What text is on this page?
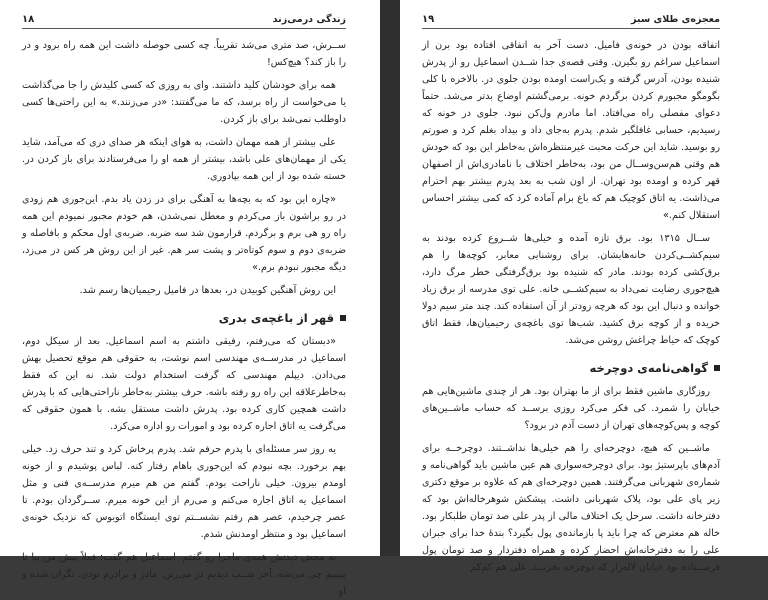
زندگی درمی‌زند
۱۸

ســرش، صد متری می‌شد تقریباً. چه کسی حوصله داشت این همه راه برود و در را باز کند؟ هیچ‌کس!

همه برای خودشان کلید داشتند. وای به روزی که کسی کلیدش را جا می‌گذاشت یا می‌خواست از راه برسد، که ما می‌گفتند: «در می‌زنند.» به این راحتی‌ها کسی داوطلب نمی‌شد برای باز کردن.

علی بیشتر از همه مهمان داشت، به هوای اینکه هر صدای دری که می‌آمد، شاید یکی از مهمان‌های علی باشد، بیشتر از همه او را می‌فرستادند برای باز کردن در. خسته شده بود از این همه بپادوری.

«چاره این بود که به بچه‌ها به آهنگی برای در زدن یاد بدم. این‌جوری هم زودی در رو براشون باز می‌کردم و معطل نمی‌شدن، هم خودم مجبور نمیودم این همه راه رو هی برم و برگردم. قرارمون شد سه ضربه. ضربه‌ی اول محکم و بافاصله و ضربه‌ی دوم و سوم کوتاه‌تر و پشت سر هم. غیر از این روش هر کس در می‌زد، دیگه مجبور نبودم برم.»

این روش آهنگین کوبیدن در، بعدها در فامیل رحیمیان‌ها رسم شد.

قهر از باغچه‌ی بدری

«دبستان که می‌رفتم، رفیقی داشتم به اسم اسماعیل. بعد از سیکل دوم، اسماعیل در مدرســه‌ی مهندسی اسم نوشت، به حقوقی هم موقع تحصیل بهش می‌دادن. دیپلم مهندسی که گرفت استخدام دولت شد. نه این که فقط به‌خاطرعلاقه این راه رو رفته باشه. حرف بیشتر به‌خاطر ناراحتی‌هایی که با پدرش داشت همچین کاری کرده بود. پدرش داشت مستقل بشه. با همون حقوقی که می‌گرفت یه اتاق اجاره کرده بود و امورات رو اداره می‌کرد.

یه روز سر مسئله‌ای با پدرم حرفم شد. پدرم پرخاش کرد و تند حرف زد. خیلی بهم برخورد. بچه نبودم که این‌جوری باهام رفتار کنه. لباس پوشیدم و از خونه اومدم بیرون. خیلی ناراحت بودم. گفتم من هم میرم مدرســه‌ی فنی و مثل اسماعیل یه اتاق اجاره می‌کنم و می‌رم از این خونه میرم. ســرگردان بودم. تا عصر چرخیدم، عصر هم رفتم نشســتم توی ایستگاه اتوبوس که نزدیک خونه‌ی اسماعیل بود و منتظر اومدنش شدم.

به محض دیدنش همه‌ی ماجرا رو گفتم. اسماعیل هم گفت: فعلاً پیش من بیا تا ببینیم چی می‌شه. آخر شــب دیدیم در می‌زنن. مادر و برادرم بودن. نگران شده و او

۱۹	معجزه‌ی طلای سبز

اتفاقه بودن در خونه‌ی فامیل. دست آخر به اتفاقی افتاده بود برن از اسماعیل سراغم رو بگیرن. وقتی قصه‌ی جدا شــدن اسماعیل رو از پدرش شنیده بودن، آدرس گرفته و یک‌راست اومده بودن جلوی در. بالاخره با کلی بگومگو مجبورم کردن برگردم خونه. برمی‌گشتم اوضاع بدتر می‌شد. حتماً دعوای مفصلی راه می‌افتاد. اما مادرم ول‌کن نبود. جلوی در خونه که رسیدیم، حسابی غافلگیر شدم. پدرم به‌جای داد و بیداد بغلم کرد و صورتم رو بوسید. شاید این حرکت محبت غیرمنتظره‌اش به‌خاطر این بود که خودش هم وقتی هم‌سن‌وســال من بود، به‌خاطر اختلاف با نامادری‌اش از اصفهان قهر کرده و اومده بود تهران. از اون شب به بعد پدرم بیشتر بهم احترام می‌ذاشت. یه اتاق کوچیک هم که باغ برام آماده کرد که کمی بیشتر احساس استقلال کنم.»

ســال ۱۳۱۵ بود. برق تازه آمده و خیلی‌ها شــروع کرده بودند به سیم‌کشــی‌کردن خانه‌هایشان. برای روشنایی معابر، کوچه‌ها را هم برق‌کشی کرده بودند. مادر که شنیده بود برق‌گرفتگی خطر مرگ دارد، هیچ‌جوری رضایت نمی‌داد به سیم‌کشــی خانه. علی توی مدرسه از برق زیاد خوانده و دنبال این بود که هرچه زودتر از آن استفاده کند. چند متر سیم دولا خریده و از کوچه برق کشید. شب‌ها توی باغچه‌ی رحیمیان‌ها، فقط اتاق کوچک که حیاط چراغش روشن می‌شد.

گواهی‌نامه‌ی دوچرخه

روزگاری ماشین فقط برای از ما بهتران بود. هر از چندی ماشین‌هایی هم خیابان را شمرد. کی فکر می‌کرد روزی برســد که حساب ماشــین‌های کوچه و پس‌کوچه‌های تهران از دست آدم در برود؟

ماشــین که هیچ، دوچرخه‌ای را هم خیلی‌ها نداشــتند. دوچرخــه برای آدم‌های باپرستیژ بود. برای دوچرخه‌سواری هم عین ماشین باید گواهی‌نامه و شماره‌ی شهربانی می‌گرفتند. همین دوچرخه‌ای هم که علاوه بر موقع دکتری زیر پای علی بود، پلاک شهربانی داشت. پیشکش شوهرخاله‌اش بود که دفترخانه داشت. سرحل یک اختلاف مالی از پدر علی صد تومان طلبکار بود. خاله هم معترض که چرا باید پا بازمانده‌ی پول بگیرد؟ بندهٔ خدا برای جبران علی را به دفترخانه‌اش احضار کرده و همراه دفتردار و صد تومان پول فرســتاده بود خیابان لاله‌زار که دوچرخه بخرنــد. علی هم کم‌کم
